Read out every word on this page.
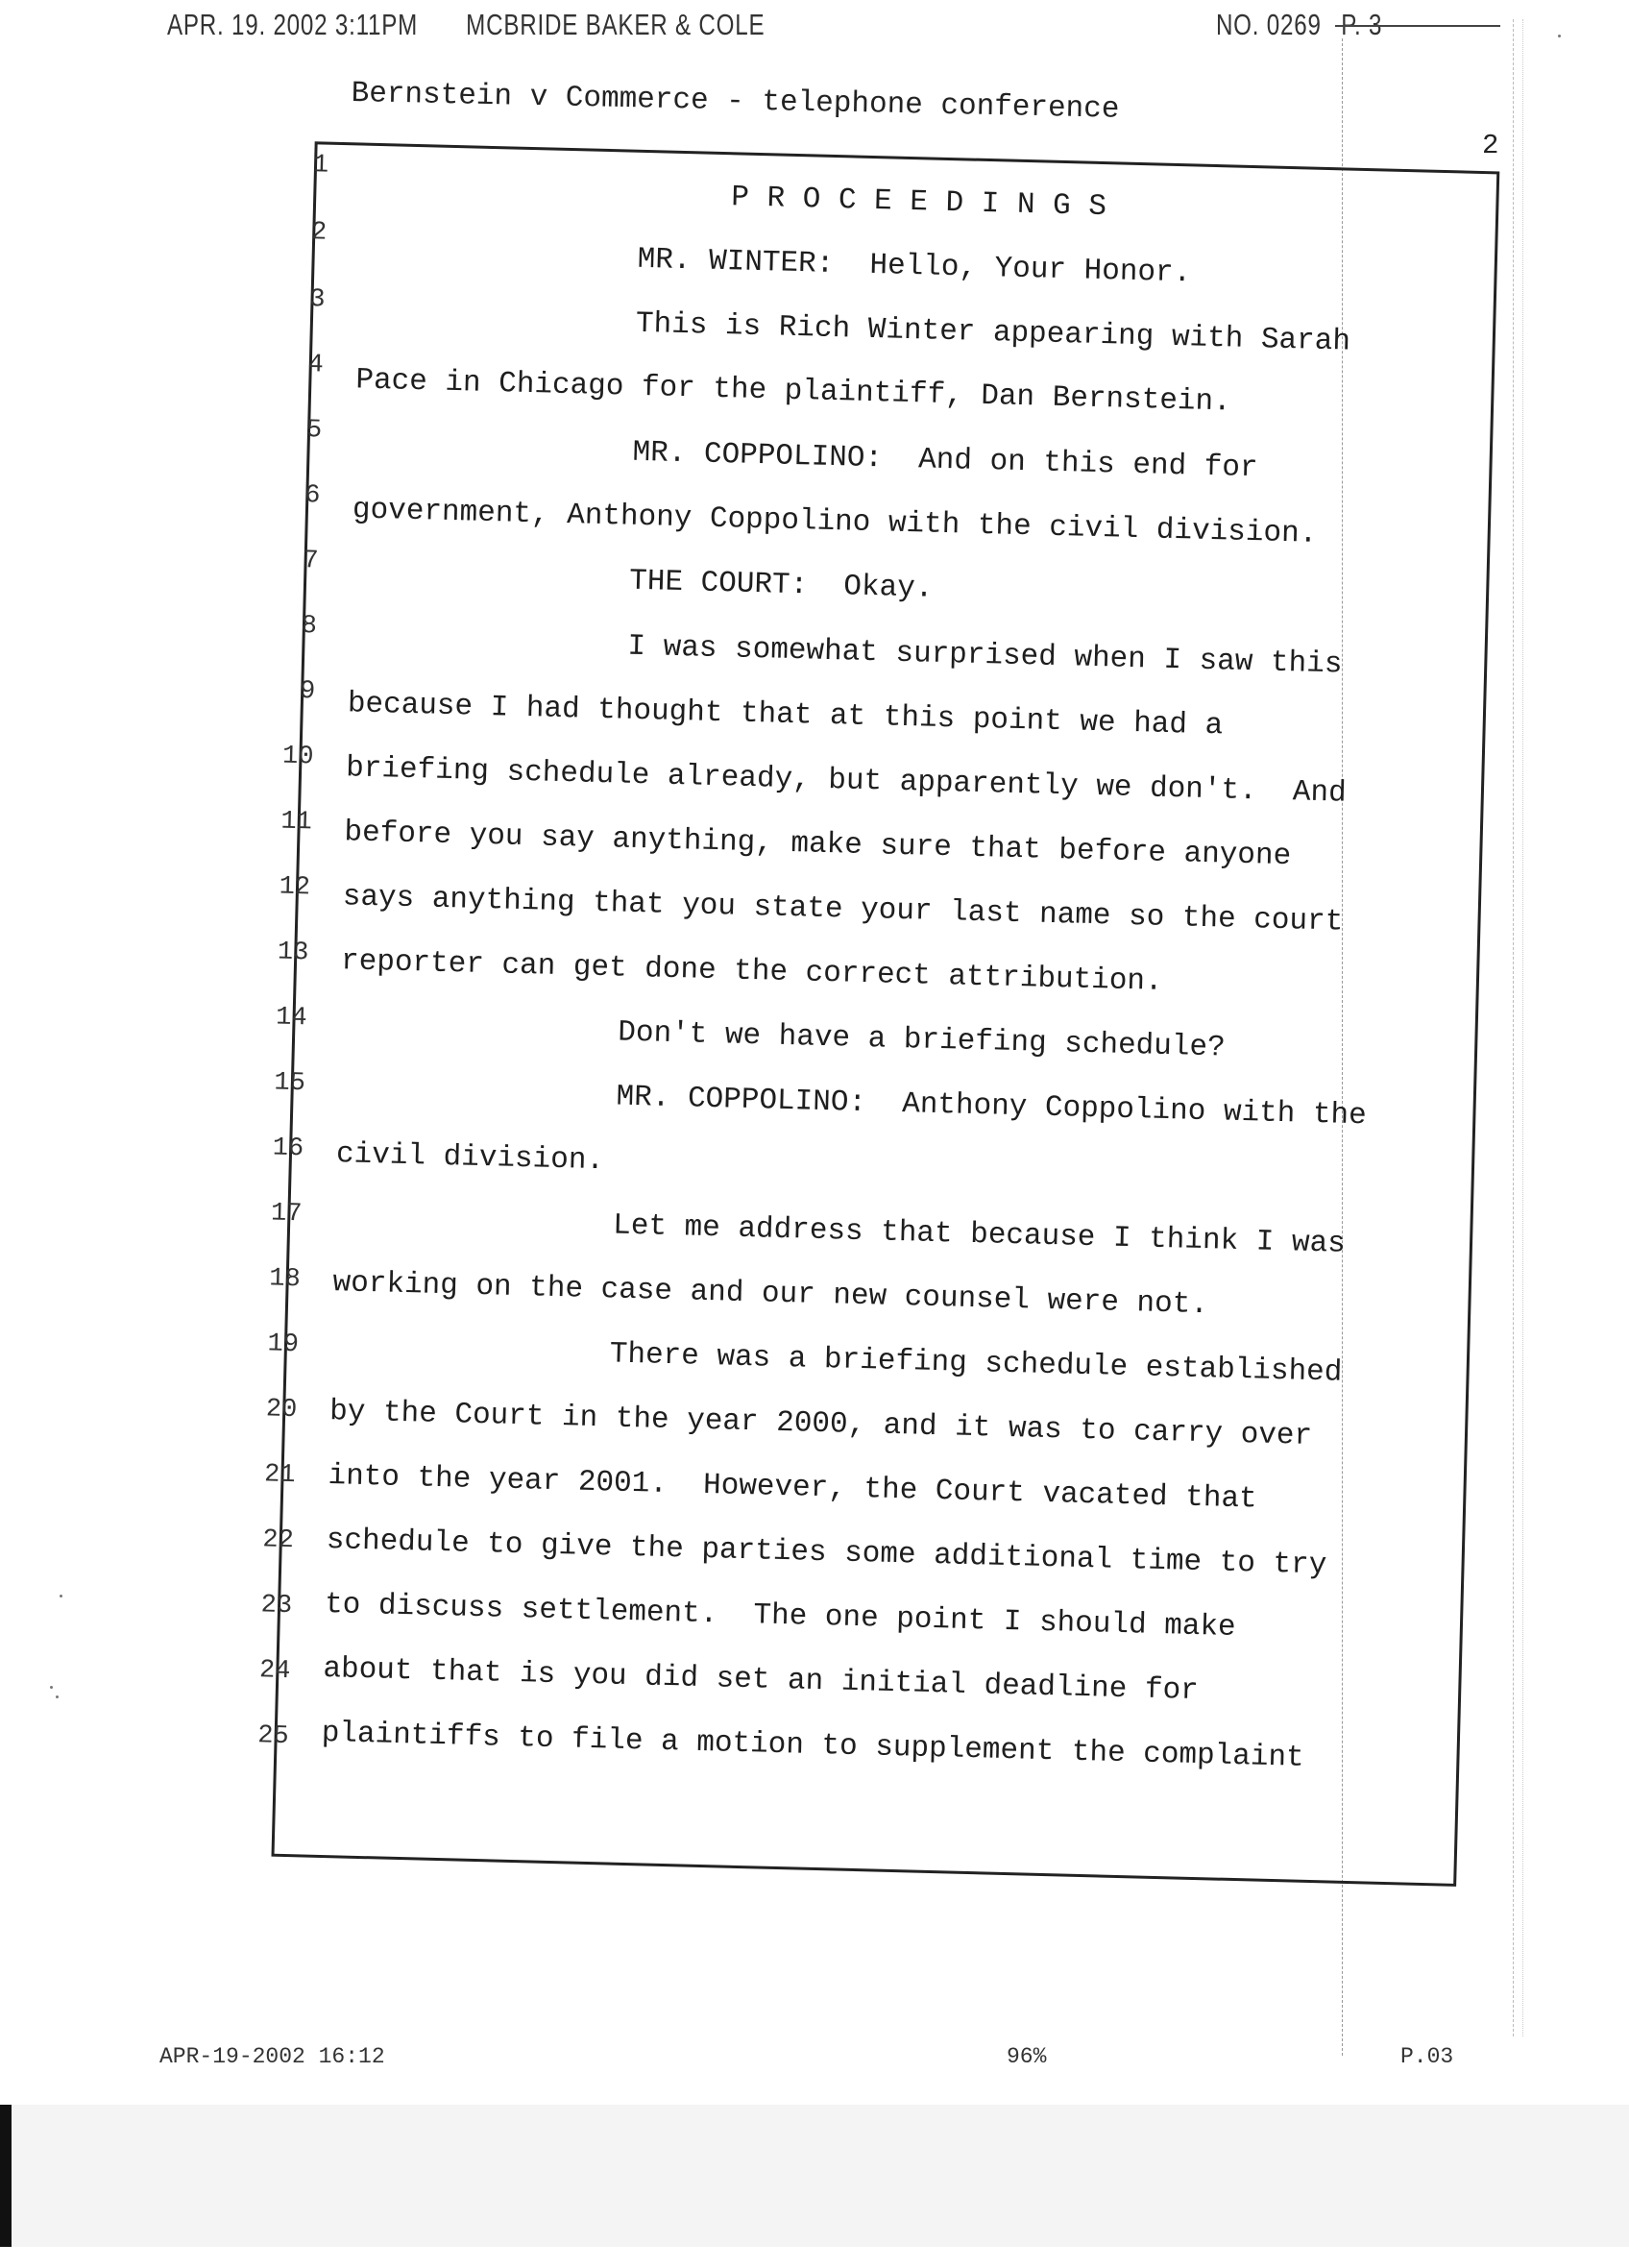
APR. 19. 2002 3:11PM MCBRIDE BAKER & COLE	NO. 0269 P. 3
Bernstein v Commerce - telephone conference
2
1
P R O C E E D I N G S
2
MR. WINTER:  Hello, Your Honor.
3
This is Rich Winter appearing with Sarah
4 Pace in Chicago for the plaintiff, Dan Bernstein.
5
MR. COPPOLINO:  And on this end for
6 government, Anthony Coppolino with the civil division.
7
THE COURT:  Okay.
8
I was somewhat surprised when I saw this
9 because I had thought that at this point we had a
10 briefing schedule already, but apparently we don't.  And
11 before you say anything, make sure that before anyone
12 says anything that you state your last name so the court
13 reporter can get done the correct attribution.
14	Don't we have a briefing schedule?
15	MR. COPPOLINO:  Anthony Coppolino with the
16 civil division.
17	Let me address that because I think I was
18 working on the case and our new counsel were not.
19	There was a briefing schedule established
20 by the Court in the year 2000, and it was to carry over
21 into the year 2001.  However, the Court vacated that
22 schedule to give the parties some additional time to try
23 to discuss settlement.  The one point I should make
24 about that is you did set an initial deadline for
25 plaintiffs to file a motion to supplement the complaint
APR-19-2002 16:12	96%	P.03
